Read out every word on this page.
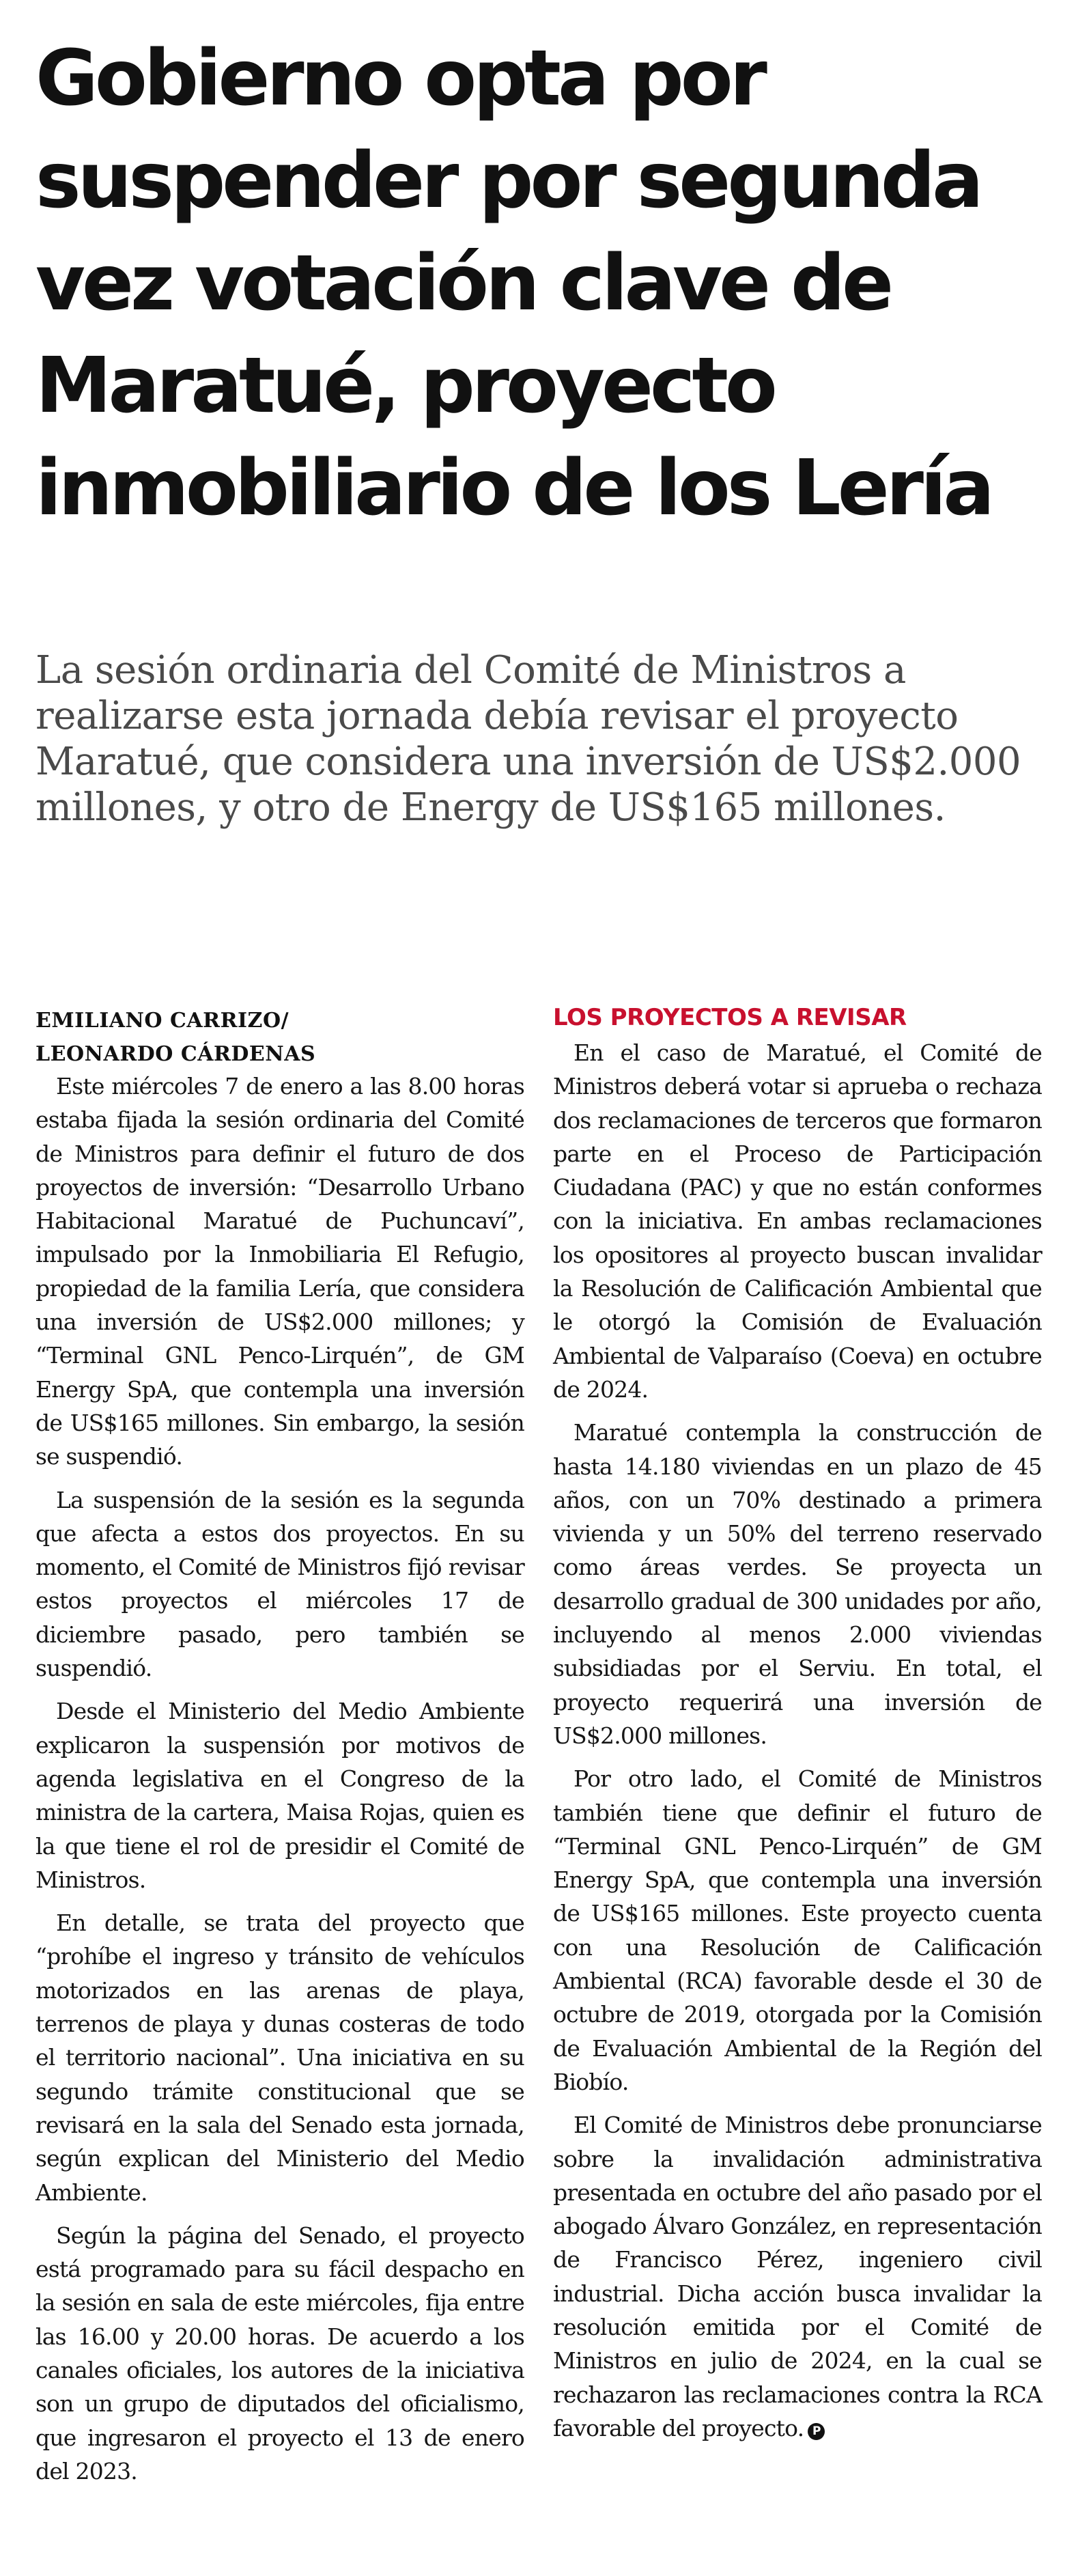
Gobierno opta por suspender por segunda vez votación clave de Maratué, proyecto inmobiliario de los Lería

La sesión ordinaria del Comité de Ministros a realizarse esta jornada debía revisar el proyecto Maratué, que considera una inversión de US$2.000 millones, y otro de Energy de US$165 millones.

EMILIANO CARRIZO/
LEONARDO CÁRDENAS

Este miércoles 7 de enero a las 8.00 horas estaba fijada la sesión ordinaria del Comité de Ministros para definir el futuro de dos proyectos de inversión: “Desarrollo Urbano Habitacional Maratué de Puchuncaví”, impulsado por la Inmobiliaria El Refugio, propiedad de la familia Lería, que considera una inversión de US$2.000 millones; y “Terminal GNL Penco-Lirquén”, de GM Energy SpA, que contempla una inversión de US$165 millones. Sin embargo, la sesión se suspendió.

La suspensión de la sesión es la segunda que afecta a estos dos proyectos. En su momento, el Comité de Ministros fijó revisar estos proyectos el miércoles 17 de diciembre pasado, pero también se suspendió.

Desde el Ministerio del Medio Ambiente explicaron la suspensión por motivos de agenda legislativa en el Congreso de la ministra de la cartera, Maisa Rojas, quien es la que tiene el rol de presidir el Comité de Ministros.

En detalle, se trata del proyecto que “prohíbe el ingreso y tránsito de vehículos motorizados en las arenas de playa, terrenos de playa y dunas costeras de todo el territorio nacional”. Una iniciativa en su segundo trámite constitucional que se revisará en la sala del Senado esta jornada, según explican del Ministerio del Medio Ambiente.

Según la página del Senado, el proyecto está programado para su fácil despacho en la sesión en sala de este miércoles, fija entre las 16.00 y 20.00 horas. De acuerdo a los canales oficiales, los autores de la iniciativa son un grupo de diputados del oficialismo, que ingresaron el proyecto el 13 de enero del 2023.

LOS PROYECTOS A REVISAR

En el caso de Maratué, el Comité de Ministros deberá votar si aprueba o rechaza dos reclamaciones de terceros que formaron parte en el Proceso de Participación Ciudadana (PAC) y que no están conformes con la iniciativa. En ambas reclamaciones los opositores al proyecto buscan invalidar la Resolución de Calificación Ambiental que le otorgó la Comisión de Evaluación Ambiental de Valparaíso (Coeva) en octubre de 2024.

Maratué contempla la construcción de hasta 14.180 viviendas en un plazo de 45 años, con un 70% destinado a primera vivienda y un 50% del terreno reservado como áreas verdes. Se proyecta un desarrollo gradual de 300 unidades por año, incluyendo al menos 2.000 viviendas subsidiadas por el Serviu. En total, el proyecto requerirá una inversión de US$2.000 millones.

Por otro lado, el Comité de Ministros también tiene que definir el futuro de “Terminal GNL Penco-Lirquén” de GM Energy SpA, que contempla una inversión de US$165 millones. Este proyecto cuenta con una Resolución de Calificación Ambiental (RCA) favorable desde el 30 de octubre de 2019, otorgada por la Comisión de Evaluación Ambiental de la Región del Biobío.

El Comité de Ministros debe pronunciarse sobre la invalidación administrativa presentada en octubre del año pasado por el abogado Álvaro González, en representación de Francisco Pérez, ingeniero civil industrial. Dicha acción busca invalidar la resolución emitida por el Comité de Ministros en julio de 2024, en la cual se rechazaron las reclamaciones contra la RCA favorable del proyecto. P
